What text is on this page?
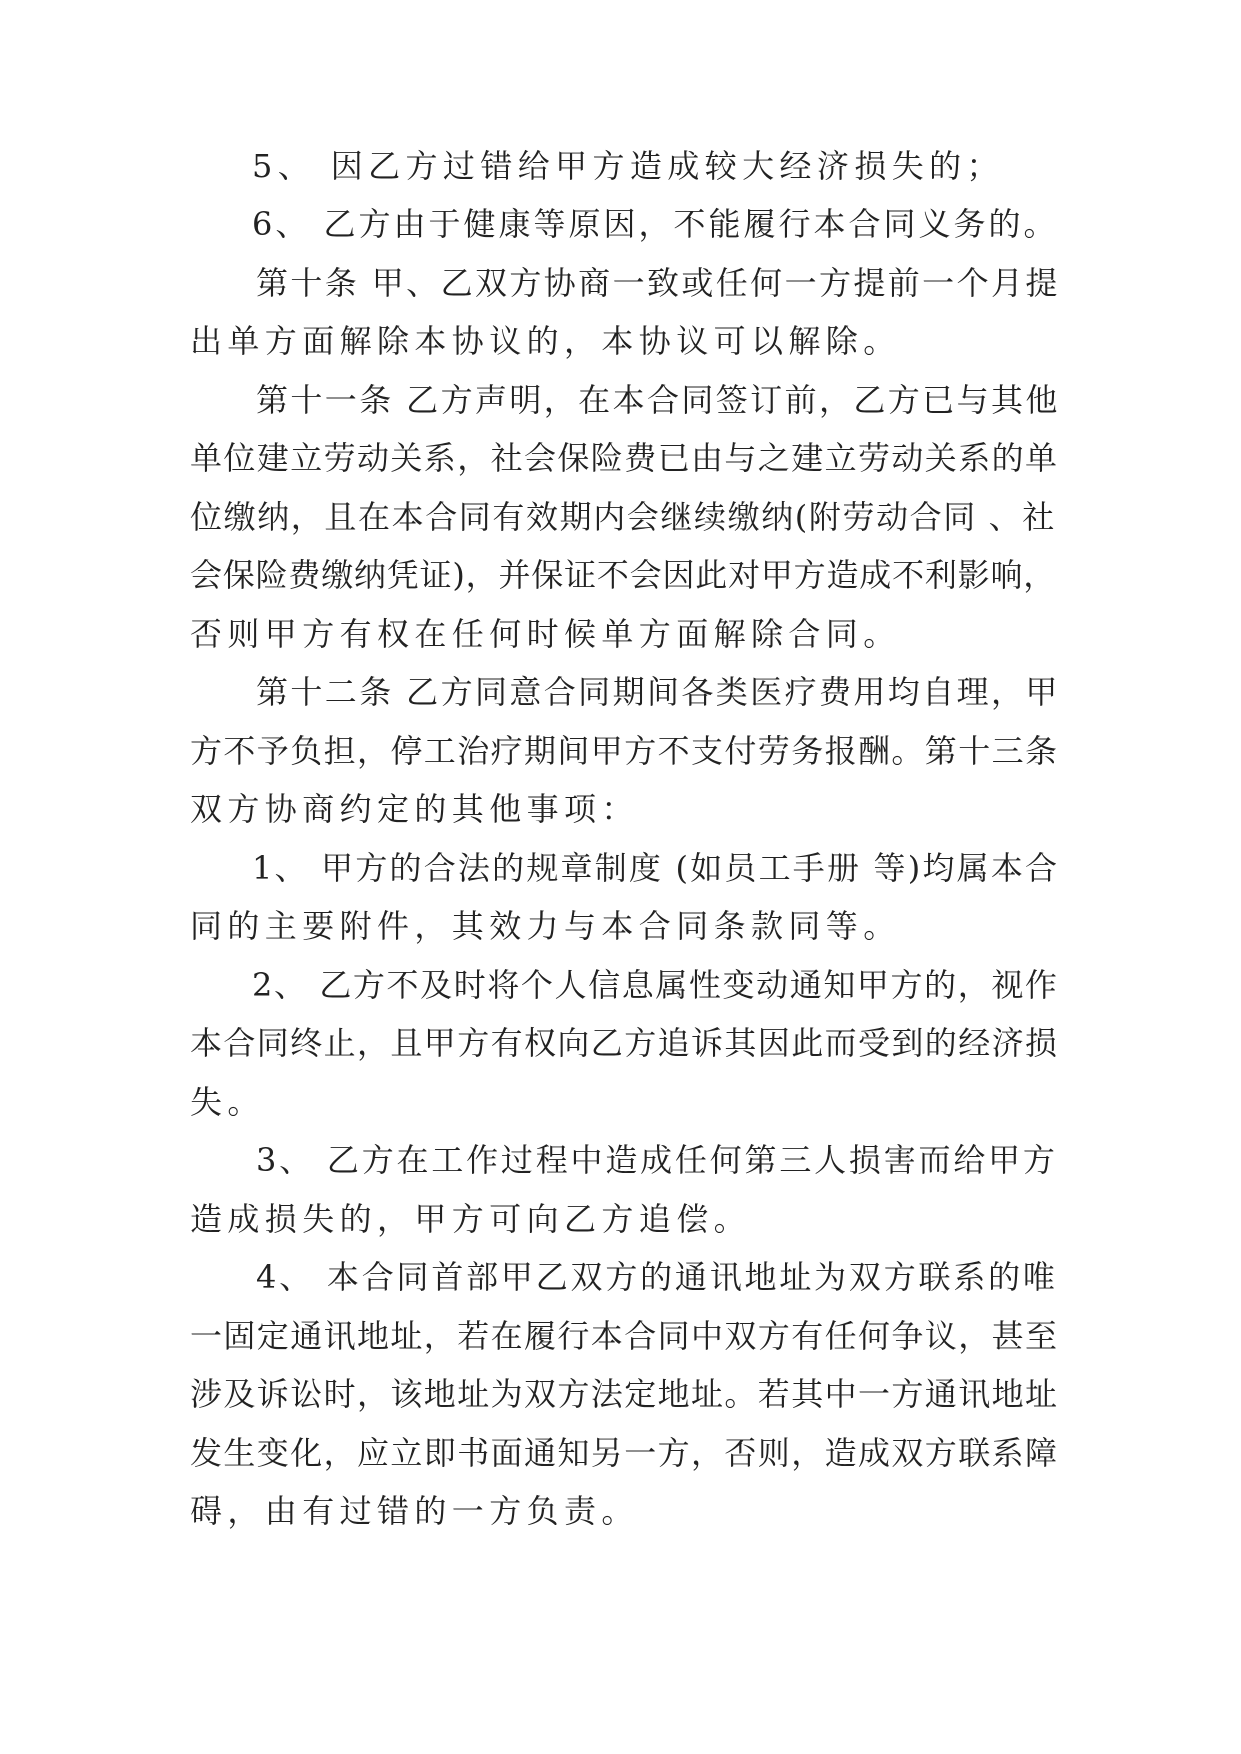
5、 因乙方过错给甲方造成较大经济损失的；
6、 乙方由于健康等原因，不能履行本合同义务的。
第十条 甲、乙双方协商一致或任何一方提前一个月提
出单方面解除本协议的，本协议可以解除。
第十一条 乙方声明，在本合同签订前，乙方已与其他
单位建立劳动关系，社会保险费已由与之建立劳动关系的单
位缴纳，且在本合同有效期内会继续缴纳(附劳动合同 、社
会保险费缴纳凭证)，并保证不会因此对甲方造成不利影响，
否则甲方有权在任何时候单方面解除合同。
第十二条 乙方同意合同期间各类医疗费用均自理，甲
方不予负担，停工治疗期间甲方不支付劳务报酬。第十三条
双方协商约定的其他事项：
1、 甲方的合法的规章制度 (如员工手册 等)均属本合
同的主要附件，其效力与本合同条款同等。
2、 乙方不及时将个人信息属性变动通知甲方的，视作
本合同终止，且甲方有权向乙方追诉其因此而受到的经济损
失。
3、 乙方在工作过程中造成任何第三人损害而给甲方
造成损失的，甲方可向乙方追偿。
4、 本合同首部甲乙双方的通讯地址为双方联系的唯
一固定通讯地址，若在履行本合同中双方有任何争议，甚至
涉及诉讼时，该地址为双方法定地址。若其中一方通讯地址
发生变化，应立即书面通知另一方，否则，造成双方联系障
碍，由有过错的一方负责。
